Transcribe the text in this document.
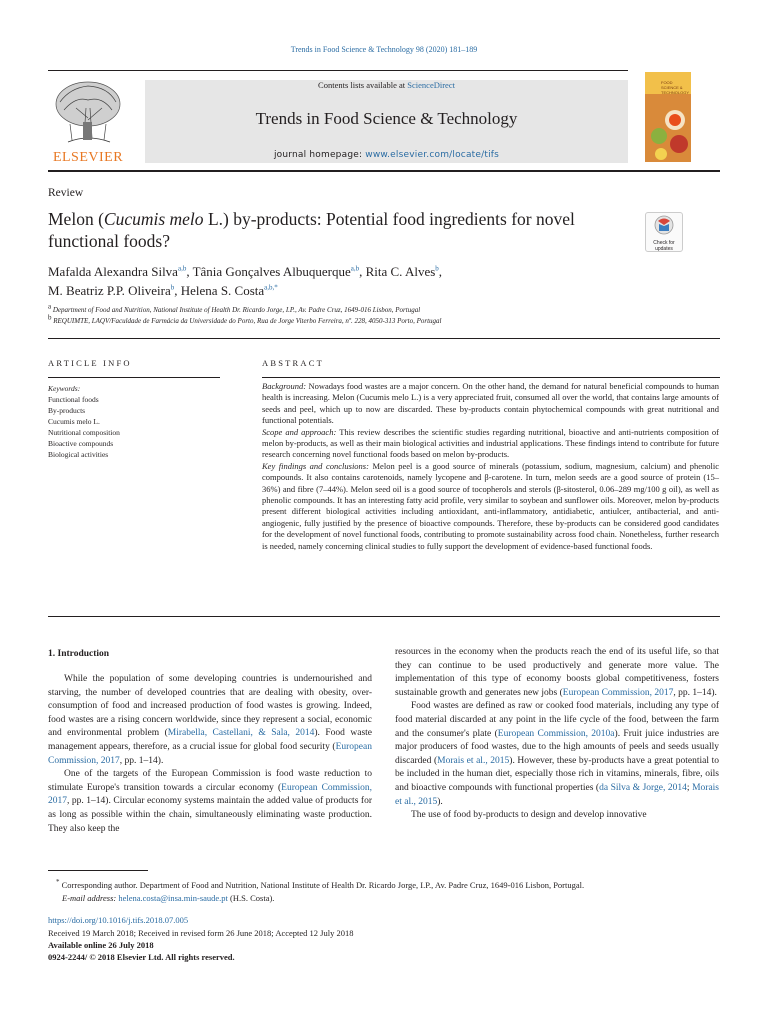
Trends in Food Science & Technology 98 (2020) 181–189
ELSEVIER
Contents lists available at ScienceDirect
Trends in Food Science & Technology
journal homepage: www.elsevier.com/locate/tifs
FOOD SCIENCE & TECHNOLOGY
Review
Melon (Cucumis melo L.) by-products: Potential food ingredients for novel functional foods?	Check for updates
Mafalda Alexandra Silva$^{a,b}$, Tânia Gonçalves Albuquerque$^{a,b}$, Rita C. Alves$^b$,
M. Beatriz P.P. Oliveira$^b$, Helena S. Costa$^{a,b,*}$
$^a$ Department of Food and Nutrition, National Institute of Health Dr. Ricardo Jorge, I.P., Av. Padre Cruz, 1649-016 Lisbon, Portugal
$^b$ REQUIMTE, LAQV/Faculdade de Farmácia da Universidade do Porto, Rua de Jorge Viterbo Ferreira, nº. 228, 4050-313 Porto, Portugal
ARTICLE INFO
Keywords:
Functional foods
By-products
Cucumis melo L.
Nutritional composition
Bioactive compounds
Biological activities
ABSTRACT
Background: Nowadays food wastes are a major concern. On the other hand, the demand for natural beneficial compounds to human health is increasing. Melon (Cucumis melo L.) is a very appreciated fruit, consumed all over the world, that contains large amounts of seeds and peel, which up to now are discarded. These by-products contain phytochemical compounds with great nutritional and functional potentials.
Scope and approach: This review describes the scientific studies regarding nutritional, bioactive and anti-nutrients composition of melon by-products, as well as their main biological activities and industrial applications. These findings intend to contribute for future research concerning novel functional foods based on melon by-products.
Key findings and conclusions: Melon peel is a good source of minerals (potassium, sodium, magnesium, calcium) and phenolic compounds. It also contains carotenoids, namely lycopene and β-carotene. In turn, melon seeds are a good source of protein (15–36%) and fibre (7–44%). Melon seed oil is a good source of tocopherols and sterols (β-sitosterol, 0.06–289 mg/100 g oil), as well as phenolic compounds. It has an interesting fatty acid profile, very similar to soybean and sunflower oils. Moreover, melon by-products present different biological activities including antioxidant, anti-inflammatory, antidiabetic, antiulcer, antibacterial, and anti-angiogenic, fully justified by the presence of bioactive compounds. Therefore, these by-products can be considered good candidates for the development of novel functional foods, contributing to promote sustainability across food chain. Nonetheless, further research is needed, namely concerning clinical studies to fully support the development of evidence-based functional foods.
1. Introduction

While the population of some developing countries is undernourished and starving, the number of developed countries that are dealing with obesity, over-consumption of food and increased production of food wastes is growing. Indeed, food wastes are a rising concern worldwide, since they represent a social, economic and environmental problem (Mirabella, Castellani, & Sala, 2014). Food waste management appears, therefore, as a crucial issue for global food security (European Commission, 2017, pp. 1–14).

One of the targets of the European Commission is food waste reduction to stimulate Europe's transition towards a circular economy (European Commission, 2017, pp. 1–14). Circular economy systems maintain the added value of products for as long as possible within the chain, simultaneously eliminating waste production. They also keep the

resources in the economy when the products reach the end of its useful life, so that they can continue to be used productively and generate more value. The implementation of this type of economy boosts global competitiveness, fosters sustainable growth and generates new jobs (European Commission, 2017, pp. 1–14).

Food wastes are defined as raw or cooked food materials, including any type of food material discarded at any point in the life cycle of the food, between the farm and the consumer's plate (European Commission, 2010a). Fruit juice industries are major producers of food wastes, due to the high amounts of peels and seeds usually discarded (Morais et al., 2015). However, these by-products have a great potential to be included in the human diet, especially those rich in vitamins, minerals, fibre, oils and bioactive compounds with functional properties (da Silva & Jorge, 2014; Morais et al., 2015).

The use of food by-products to design and develop innovative

* Corresponding author. Department of Food and Nutrition, National Institute of Health Dr. Ricardo Jorge, I.P., Av. Padre Cruz, 1649-016 Lisbon, Portugal.
E-mail address: helena.costa@insa.min-saude.pt (H.S. Costa).
https://doi.org/10.1016/j.tifs.2018.07.005
Received 19 March 2018; Received in revised form 26 June 2018; Accepted 12 July 2018
Available online 26 July 2018
0924-2244/ © 2018 Elsevier Ltd. All rights reserved.
